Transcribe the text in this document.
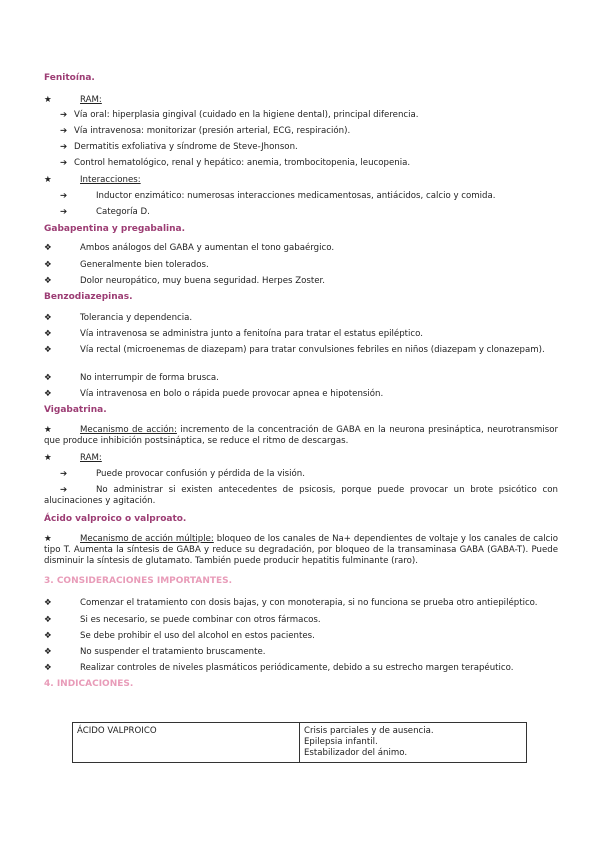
Fenitoína.
★	RAM:
➔ Vía oral: hiperplasia gingival (cuidado en la higiene dental), principal diferencia.
➔ Vía intravenosa: monitorizar (presión arterial, ECG, respiración).
➔ Dermatitis exfoliativa y síndrome de Steve-Jhonson.
➔ Control hematológico, renal y hepático: anemia, trombocitopenia, leucopenia.
★	Interacciones:
➔	Inductor enzimático: numerosas interacciones medicamentosas, antiácidos, calcio y comida.
➔	Categoría D.
Gabapentina y pregabalina.
❖	Ambos análogos del GABA y aumentan el tono gabaérgico.
❖	Generalmente bien tolerados.
❖	Dolor neuropático, muy buena seguridad. Herpes Zoster.
Benzodiazepinas.
❖	Tolerancia y dependencia.
❖	Vía intravenosa se administra junto a fenitoína para tratar el estatus epiléptico.
❖	Vía rectal (microenemas de diazepam) para tratar convulsiones febriles en niños (diazepam y clonazepam).
❖	No interrumpir de forma brusca.
❖	Vía intravenosa en bolo o rápida puede provocar apnea e hipotensión.
Vigabatrina.
★	Mecanismo de acción: incremento de la concentración de GABA en la neurona presináptica, neurotransmisor que produce inhibición postsináptica, se reduce el ritmo de descargas.
★	RAM:
➔	Puede provocar confusión y pérdida de la visión.
➔	No administrar si existen antecedentes de psicosis, porque puede provocar un brote psicótico con alucinaciones y agitación.
Ácido valproico o valproato.
★	Mecanismo de acción múltiple: bloqueo de los canales de Na+ dependientes de voltaje y los canales de calcio tipo T. Aumenta la síntesis de GABA y reduce su degradación, por bloqueo de la transaminasa GABA (GABA-T). Puede disminuir la síntesis de glutamato. También puede producir hepatitis fulminante (raro).
3. CONSIDERACIONES IMPORTANTES.
❖	Comenzar el tratamiento con dosis bajas, y con monoterapia, si no funciona se prueba otro antiepiléptico.
❖	Si es necesario, se puede combinar con otros fármacos.
❖	Se debe prohibir el uso del alcohol en estos pacientes.
❖	No suspender el tratamiento bruscamente.
❖	Realizar controles de niveles plasmáticos periódicamente, debido a su estrecho margen terapéutico.
4. INDICACIONES.
ÁCIDO VALPROICO	Crisis parciales y de ausencia.
Epilepsia infantil.
Estabilizador del ánimo.
